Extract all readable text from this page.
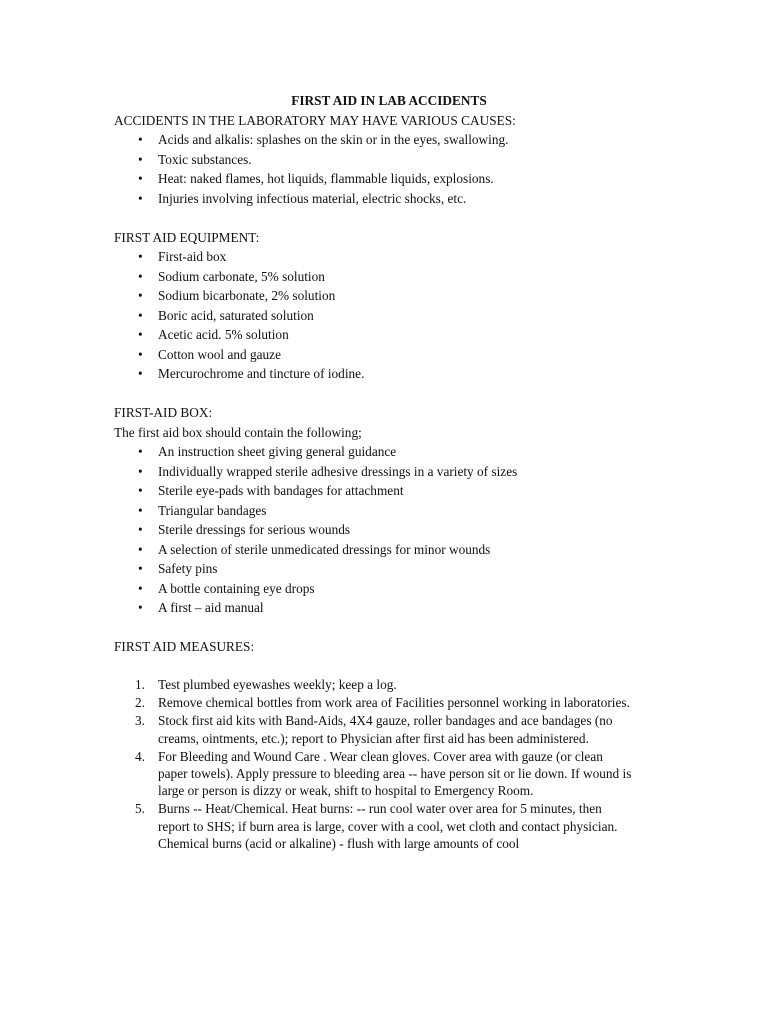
FIRST AID IN LAB ACCIDENTS
ACCIDENTS IN THE LABORATORY MAY HAVE VARIOUS CAUSES:
• Acids and alkalis: splashes on the skin or in the eyes, swallowing.
• Toxic substances.
• Heat: naked flames, hot liquids, flammable liquids, explosions.
• Injuries involving infectious material, electric shocks, etc.
FIRST AID EQUIPMENT:
• First-aid box
• Sodium carbonate, 5% solution
• Sodium bicarbonate, 2% solution
• Boric acid, saturated solution
• Acetic acid. 5% solution
• Cotton wool and gauze
• Mercurochrome and tincture of iodine.
FIRST-AID BOX:
The first aid box should contain the following;
• An instruction sheet giving general guidance
• Individually wrapped sterile adhesive dressings in a variety of sizes
• Sterile eye-pads with bandages for attachment
• Triangular bandages
• Sterile dressings for serious wounds
• A selection of sterile unmedicated dressings for minor wounds
• Safety pins
• A bottle containing eye drops
• A first – aid manual
FIRST AID MEASURES:
1. Test plumbed eyewashes weekly; keep a log.
2. Remove chemical bottles from work area of Facilities personnel working in laboratories.
3. Stock first aid kits with Band-Aids, 4X4 gauze, roller bandages and ace bandages (no creams, ointments, etc.); report to Physician after first aid has been administered.
4. For Bleeding and Wound Care . Wear clean gloves. Cover area with gauze (or clean paper towels). Apply pressure to bleeding area -- have person sit or lie down. If wound is large or person is dizzy or weak, shift to hospital to Emergency Room.
5. Burns -- Heat/Chemical. Heat burns: -- run cool water over area for 5 minutes, then report to SHS; if burn area is large, cover with a cool, wet cloth and contact physician. Chemical burns (acid or alkaline) - flush with large amounts of cool
